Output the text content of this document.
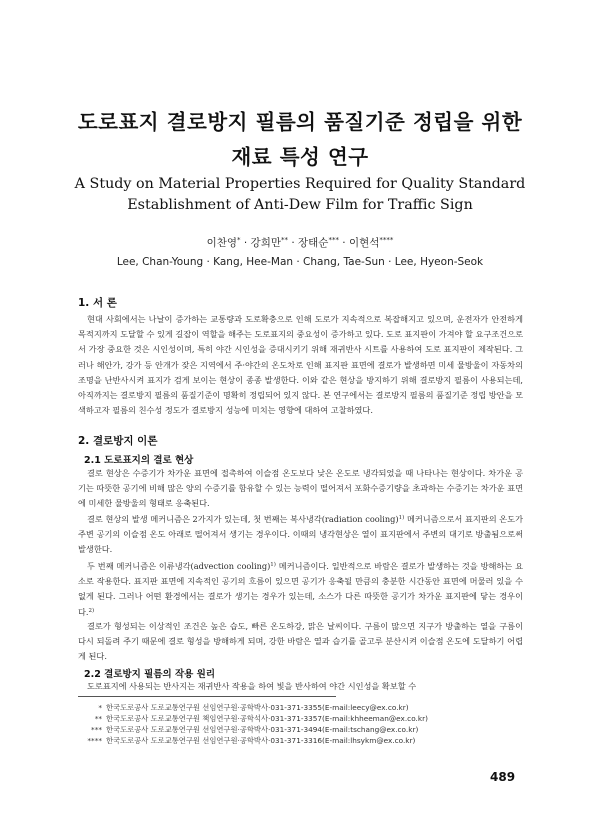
도로표지 결로방지 필름의 품질기준 정립을 위한
재료 특성 연구
A Study on Material Properties Required for Quality Standard
Establishment of Anti-Dew Film for Traffic Sign
이찬영* · 강희만** · 장태순*** · 이현석****
Lee, Chan-Young · Kang, Hee-Man · Chang, Tae-Sun · Lee, Hyeon-Seok
1. 서 론

현대 사회에서는 나날이 증가하는 교통량과 도로확충으로 인해 도로가 지속적으로 복잡해지고 있으며, 운전자가 안전하게 목적지까지 도달할 수 있게 길잡이 역할을 해주는 도로표지의 중요성이 증가하고 있다. 도로 표지판이 가져야 할 요구조건으로서 가장 중요한 것은 시인성이며, 특히 야간 시인성을 증대시키기 위해 재귀반사 시트를 사용하여 도로 표지판이 제작된다. 그러나 해안가, 강가 등 안개가 잦은 지역에서 주·야간의 온도차로 인해 표지판 표면에 결로가 발생하면 미세 물방울이 자동차의 조명을 난반사시켜 표지가 검게 보이는 현상이 종종 발생한다. 이와 같은 현상을 방지하기 위해 결로방지 필름이 사용되는데, 아직까지는 결로방지 필름의 품질기준이 명확히 정립되어 있지 않다. 본 연구에서는 결로방지 필름의 품질기준 정립 방안을 모색하고자 필름의 친수성 정도가 결로방지 성능에 미치는 영향에 대하여 고찰하였다.

2. 결로방지 이론
2.1 도로표지의 결로 현상

결로 현상은 수증기가 차가운 표면에 접촉하여 이슬점 온도보다 낮은 온도로 냉각되었을 때 나타나는 현상이다. 차가운 공기는 따뜻한 공기에 비해 많은 양의 수증기를 함유할 수 있는 능력이 떨어져서 포화수증기량을 초과하는 수증기는 차가운 표면에 미세한 물방울의 형태로 응축된다.

결로 현상의 발생 메커니즘은 2가지가 있는데, 첫 번째는 복사냉각(radiation cooling)$^{1)}$ 메커니즘으로서 표지판의 온도가 주변 공기의 이슬점 온도 아래로 떨어져서 생기는 경우이다. 이때의 냉각현상은 열이 표지판에서 주변의 대기로 방출됨으로써 발생한다.

두 번째 메커니즘은 이류냉각(advection cooling)$^{1)}$ 메커니즘이다. 일반적으로 바람은 결로가 발생하는 것을 방해하는 요소로 작용한다. 표지판 표면에 지속적인 공기의 흐름이 있으면 공기가 응축될 만큼의 충분한 시간동안 표면에 머물러 있을 수 없게 된다. 그러나 어떤 환경에서는 결로가 생기는 경우가 있는데, 소스가 다른 따뜻한 공기가 차가운 표지판에 닿는 경우이다.$^{2)}$

결로가 형성되는 이상적인 조건은 높은 습도, 빠른 온도하강, 맑은 날씨이다. 구름이 많으면 지구가 방출하는 열을 구름이 다시 되돌려 주기 때문에 결로 형성을 방해하게 되며, 강한 바람은 열과 습기를 골고루 분산시켜 이슬점 온도에 도달하기 어렵게 된다.

2.2 결로방지 필름의 작용 원리

도로표지에 사용되는 반사지는 재귀반사 작용을 하여 빛을 반사하여 야간 시인성을 확보할 수

* 한국도로공사 도로교통연구원 선임연구원·공학박사·031-371-3355(E-mail:leecy@ex.co.kr)
** 한국도로공사 도로교통연구원 책임연구원·공학석사·031-371-3357(E-mail:khheeman@ex.co.kr)
*** 한국도로공사 도로교통연구원 선임연구원·공학박사·031-371-3494(E-mail:tschang@ex.co.kr)
**** 한국도로공사 도로교통연구원 선임연구원·공학박사·031-371-3316(E-mail:lhsykm@ex.co.kr)
489
